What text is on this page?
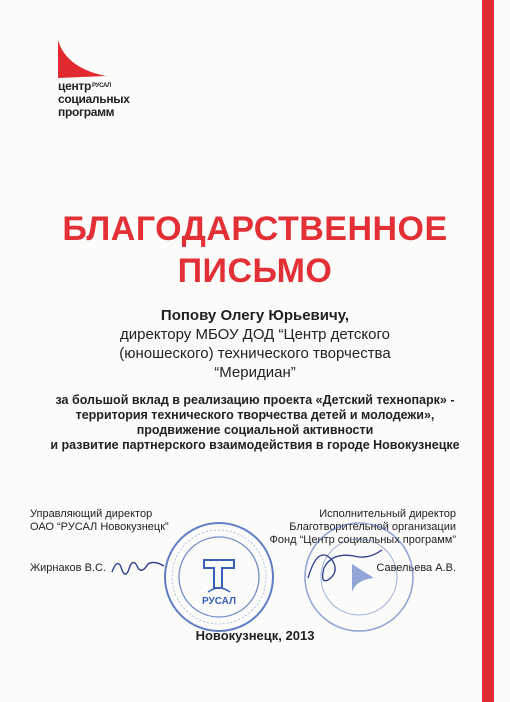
центр$^{РУСАЛ}$
социальных
программ
БЛАГОДАРСТВЕННОЕ
ПИСЬМО
Попову Олегу Юрьевичу,
директору МБОУ ДОД “Центр детского
(юношеского) технического творчества
“Меридиан”
за большой вклад в реализацию проекта «Детский технопарк» -
территория технического творчества детей и молодежи»,
продвижение социальной активности
и развитие партнерского взаимодействия в городе Новокузнецке
Управляющий директор
ОАО “РУСАЛ Новокузнецк”
Жирнаков В.С.
Исполнительный директор
Благотворительной организации
Фонд “Центр социальных программ”
Савельева А.В.
РУСАЛ
Новокузнецк, 2013
